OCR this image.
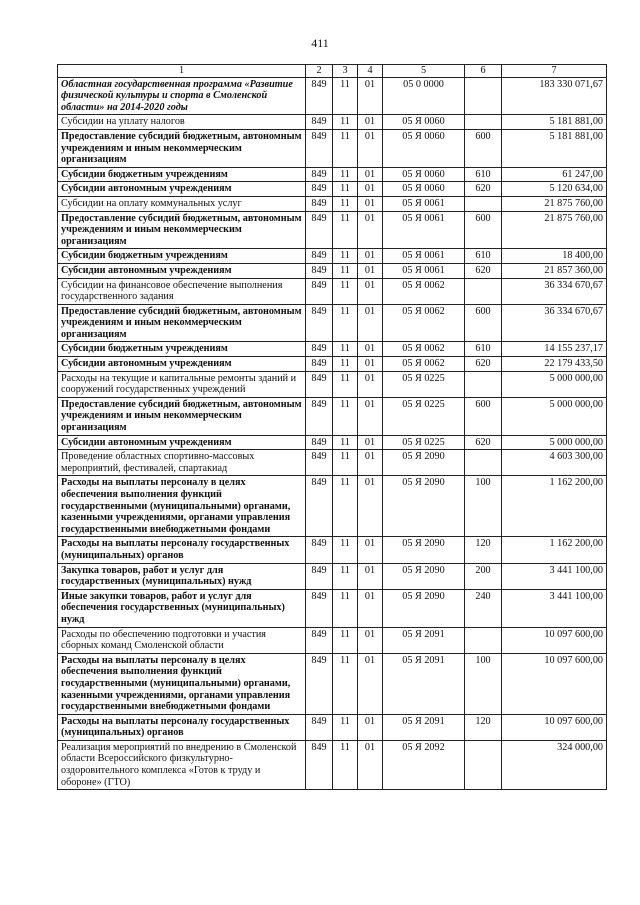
411
1	2	3	4	5	6	7
Областная государственная программа «Развитие физической культуры и спорта в Смоленской области» на 2014-2020 годы	849	11	01	05 0 0000		183 330 071,67
Субсидии на уплату налогов	849	11	01	05 Я 0060		5 181 881,00
Предоставление субсидий бюджетным, автономным учреждениям и иным некоммерческим организациям	849	11	01	05 Я 0060	600	5 181 881,00
Субсидии бюджетным учреждениям	849	11	01	05 Я 0060	610	61 247,00
Субсидии автономным учреждениям	849	11	01	05 Я 0060	620	5 120 634,00
Субсидии на оплату коммунальных услуг	849	11	01	05 Я 0061		21 875 760,00
Предоставление субсидий бюджетным, автономным учреждениям и иным некоммерческим организациям	849	11	01	05 Я 0061	600	21 875 760,00
Субсидии бюджетным учреждениям	849	11	01	05 Я 0061	610	18 400,00
Субсидии автономным учреждениям	849	11	01	05 Я 0061	620	21 857 360,00
Субсидии на финансовое обеспечение выполнения государственного задания	849	11	01	05 Я 0062		36 334 670,67
Предоставление субсидий бюджетным, автономным учреждениям и иным некоммерческим организациям	849	11	01	05 Я 0062	600	36 334 670,67
Субсидии бюджетным учреждениям	849	11	01	05 Я 0062	610	14 155 237,17
Субсидии автономным учреждениям	849	11	01	05 Я 0062	620	22 179 433,50
Расходы на текущие и капитальные ремонты зданий и сооружений государственных учреждений	849	11	01	05 Я 0225		5 000 000,00
Предоставление субсидий бюджетным, автономным учреждениям и иным некоммерческим организациям	849	11	01	05 Я 0225	600	5 000 000,00
Субсидии автономным учреждениям	849	11	01	05 Я 0225	620	5 000 000,00
Проведение областных спортивно-массовых мероприятий, фестивалей, спартакиад	849	11	01	05 Я 2090		4 603 300,00
Расходы на выплаты персоналу в целях обеспечения выполнения функций государственными (муниципальными) органами, казенными учреждениями, органами управления государственными внебюджетными фондами	849	11	01	05 Я 2090	100	1 162 200,00
Расходы на выплаты персоналу государственных (муниципальных) органов	849	11	01	05 Я 2090	120	1 162 200,00
Закупка товаров, работ и услуг для государственных (муниципальных) нужд	849	11	01	05 Я 2090	200	3 441 100,00
Иные закупки товаров, работ и услуг для обеспечения государственных (муниципальных) нужд	849	11	01	05 Я 2090	240	3 441 100,00
Расходы по обеспечению подготовки и участия сборных команд Смоленской области	849	11	01	05 Я 2091		10 097 600,00
Расходы на выплаты персоналу в целях обеспечения выполнения функций государственными (муниципальными) органами, казенными учреждениями, органами управления государственными внебюджетными фондами	849	11	01	05 Я 2091	100	10 097 600,00
Расходы на выплаты персоналу государственных (муниципальных) органов	849	11	01	05 Я 2091	120	10 097 600,00
Реализация мероприятий по внедрению в Смоленской области Всероссийского физкультурно-оздоровительного комплекса «Готов к труду и обороне» (ГТО)	849	11	01	05 Я 2092		324 000,00
